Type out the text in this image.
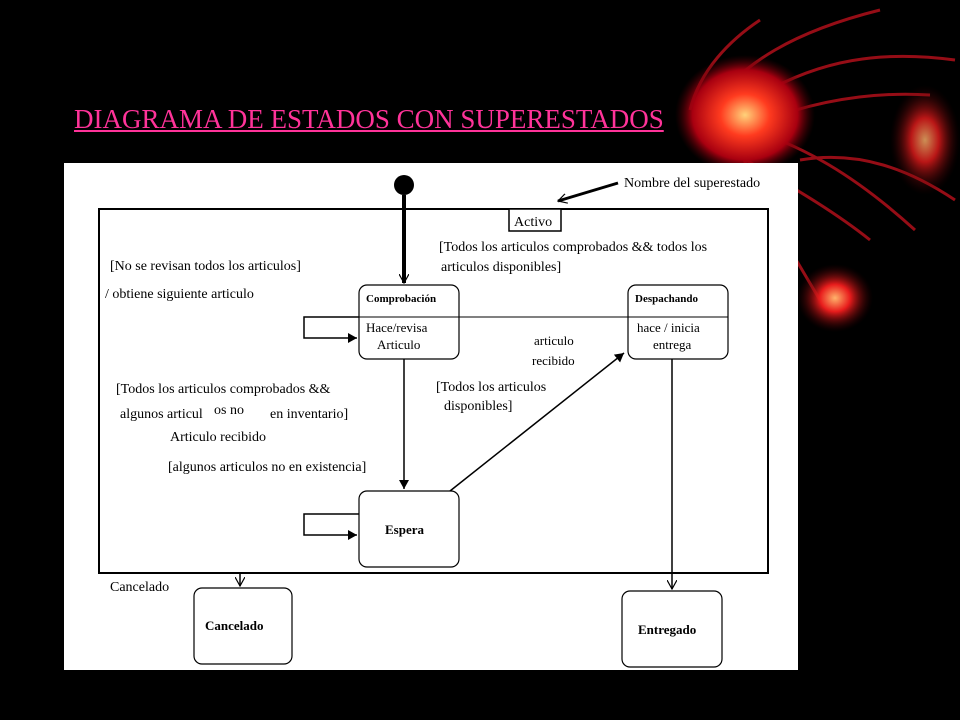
DIAGRAMA DE ESTADOS CON SUPERESTADOS
Activo
Nombre del superestado
Comprobación
Hace/revisa
Articulo
Despachando
hace / inicia
entrega
Espera
Cancelado	Entregado
[No se revisan todos los articulos]
/ obtiene siguiente articulo
[Todos los articulos comprobados && todos los
articulos disponibles]
[Todos los articulos comprobados &&
algunos articul os no en inventario]
Articulo recibido
[algunos articulos no en existencia]
articulo
recibido
[Todos los articulos
disponibles]
Cancelado
